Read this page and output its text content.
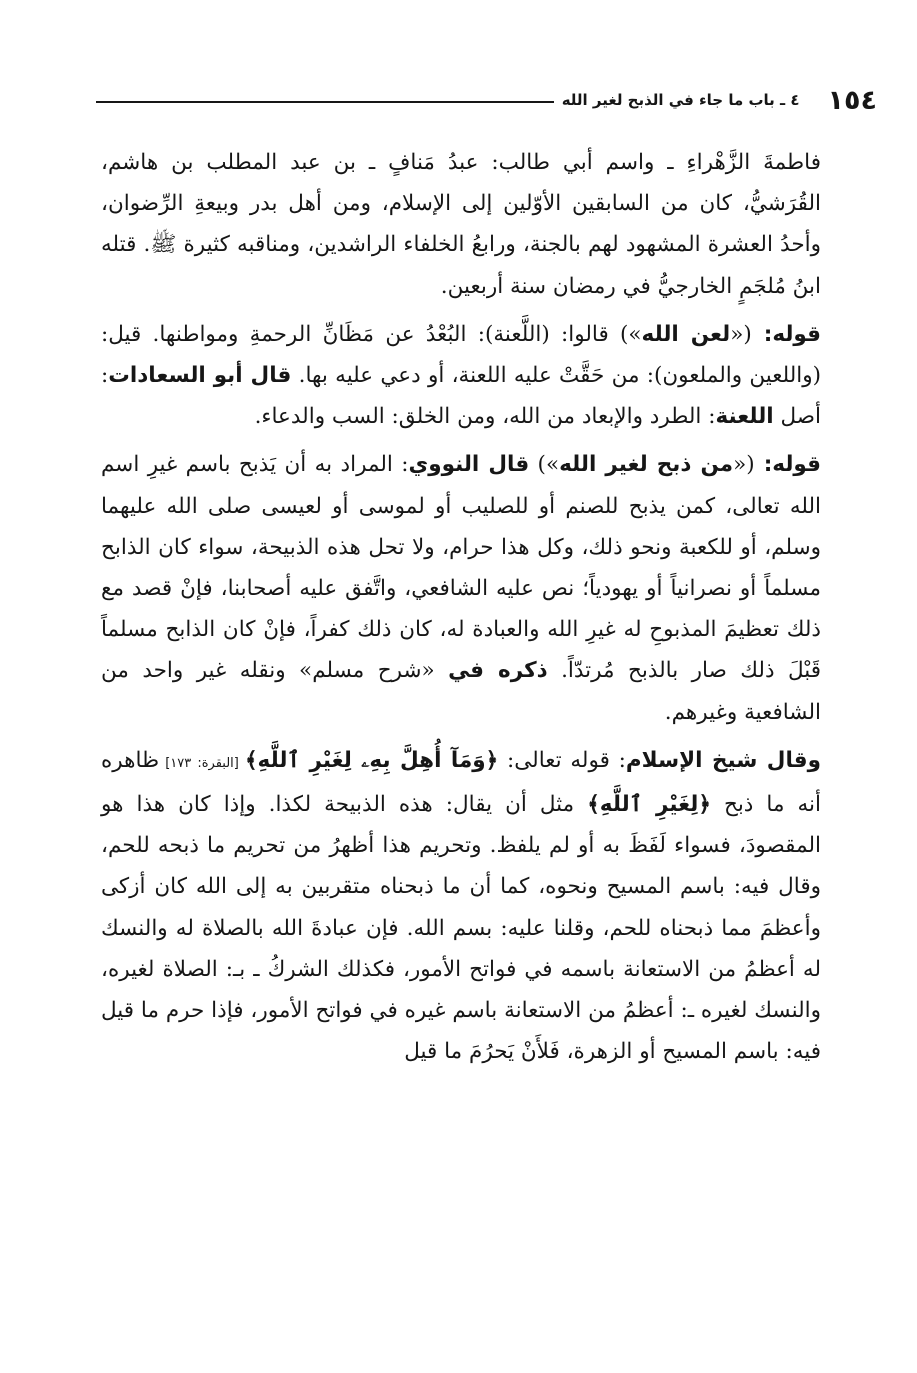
١٥٤
٤ ـ باب ما جاء في الذبح لغير الله

فاطمةَ الزَّهْراءِ ـ واسم أبي طالب: عبدُ مَنافٍ ـ بن عبد المطلب بن هاشم، القُرَشيُّ، كان من السابقين الأوّلين إلى الإسلام، ومن أهل بدر وبيعةِ الرِّضوان، وأحدُ العشرة المشهود لهم بالجنة، ورابعُ الخلفاء الراشدين، ومناقبه كثيرة ﷺ. قتله ابنُ مُلجَمٍ الخارجيُّ في رمضان سنة أربعين.

قوله: («لعن الله») قالوا: (اللَّعنة): البُعْدُ عن مَظَانِّ الرحمةِ ومواطنها. قيل: (واللعين والملعون): من حَقَّتْ عليه اللعنة، أو دعي عليه بها. قال أبو السعادات: أصل اللعنة: الطرد والإبعاد من الله، ومن الخلق: السب والدعاء.

قوله: («من ذبح لغير الله») قال النووي: المراد به أن يَذبح باسم غيرِ اسم الله تعالى، كمن يذبح للصنم أو للصليب أو لموسى أو لعيسى صلى الله عليهما وسلم، أو للكعبة ونحو ذلك، وكل هذا حرام، ولا تحل هذه الذبيحة، سواء كان الذابح مسلماً أو نصرانياً أو يهودياً؛ نص عليه الشافعي، واتَّفق عليه أصحابنا، فإنْ قصد مع ذلك تعظيمَ المذبوحِ له غيرِ الله والعبادة له، كان ذلك كفراً، فإنْ كان الذابح مسلماً قَبْلَ ذلك صار بالذبح مُرتدّاً. ذكره في «شرح مسلم» ونقله غير واحد من الشافعية وغيرهم.

وقال شيخ الإسلام: قوله تعالى: ﴿وَمَآ أُهِلَّ بِهِۦ لِغَيْرِ ٱللَّهِ﴾ [البقرة: ١٧٣] ظاهره أنه ما ذبح ﴿لِغَيْرِ ٱللَّهِ﴾ مثل أن يقال: هذه الذبيحة لكذا. وإذا كان هذا هو المقصودَ، فسواء لَفَظَ به أو لم يلفظ. وتحريم هذا أظهرُ من تحريم ما ذبحه للحم، وقال فيه: باسم المسيح ونحوه، كما أن ما ذبحناه متقربين به إلى الله كان أزكى وأعظمَ مما ذبحناه للحم، وقلنا عليه: بسم الله. فإن عبادةَ الله بالصلاة له والنسك له أعظمُ من الاستعانة باسمه في فواتح الأمور، فكذلك الشركُ ـ بـ: الصلاة لغيره، والنسك لغيره ـ: أعظمُ من الاستعانة باسم غيره في فواتح الأمور، فإذا حرم ما قيل فيه: باسم المسيح أو الزهرة، فَلأَنْ يَحرُمَ ما قيل
